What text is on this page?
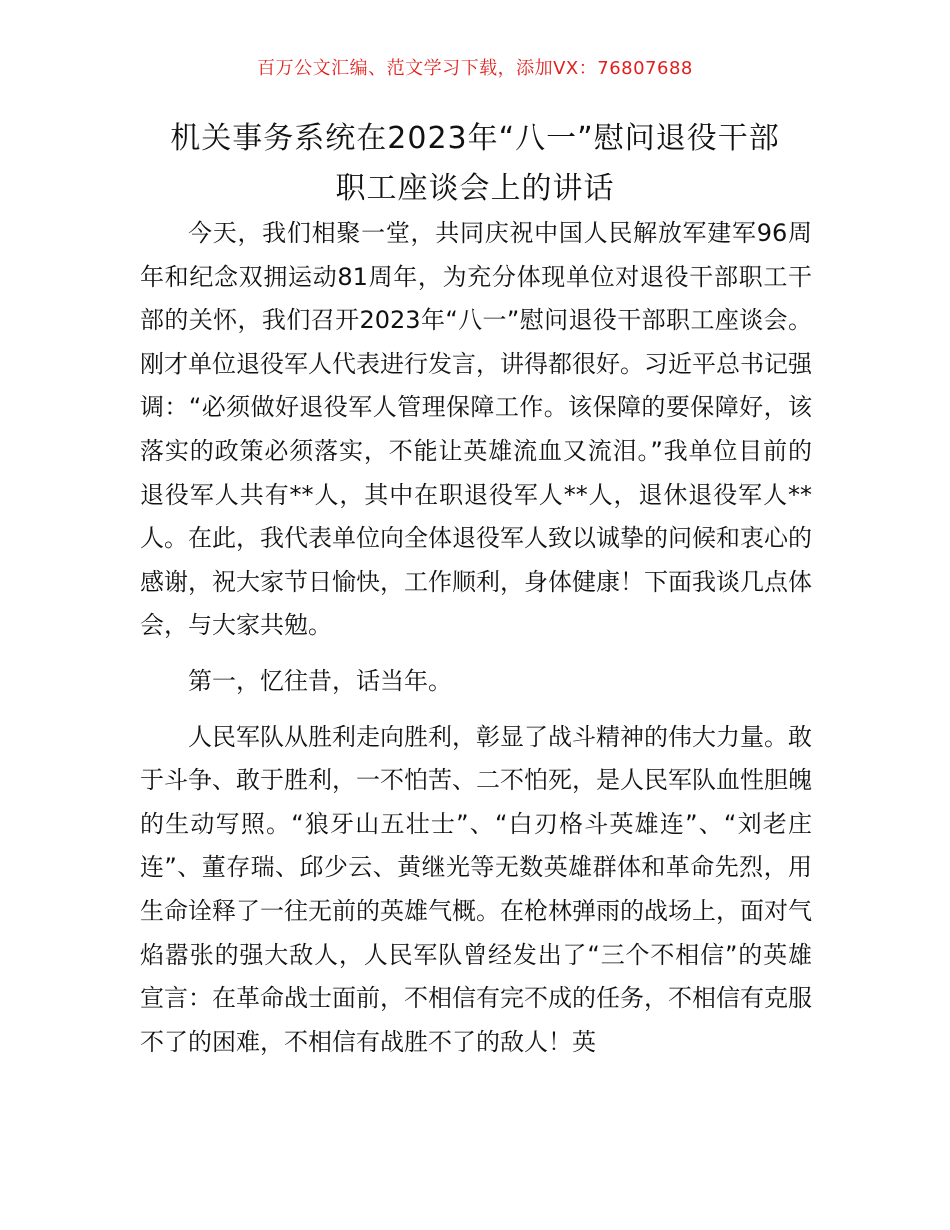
百万公文汇编、范文学习下载，添加VX：76807688
机关事务系统在2023年“八一”慰问退役干部
职工座谈会上的讲话

今天，我们相聚一堂，共同庆祝中国人民解放军建军96周年和纪念双拥运动81周年，为充分体现单位对退役干部职工干部的关怀，我们召开2023年“八一”慰问退役干部职工座谈会。刚才单位退役军人代表进行发言，讲得都很好。习近平总书记强调：“必须做好退役军人管理保障工作。该保障的要保障好，该落实的政策必须落实，不能让英雄流血又流泪。”我单位目前的退役军人共有**人，其中在职退役军人**人，退休退役军人**人。在此，我代表单位向全体退役军人致以诚挚的问候和衷心的感谢，祝大家节日愉快，工作顺利，身体健康！下面我谈几点体会，与大家共勉。

第一，忆往昔，话当年。

人民军队从胜利走向胜利，彰显了战斗精神的伟大力量。敢于斗争、敢于胜利，一不怕苦、二不怕死，是人民军队血性胆魄的生动写照。“狼牙山五壮士”、“白刃格斗英雄连”、“刘老庄连”、董存瑞、邱少云、黄继光等无数英雄群体和革命先烈，用生命诠释了一往无前的英雄气概。在枪林弹雨的战场上，面对气焰嚣张的强大敌人，人民军队曾经发出了“三个不相信”的英雄宣言：在革命战士面前，不相信有完不成的任务，不相信有克服不了的困难，不相信有战胜不了的敌人！英
